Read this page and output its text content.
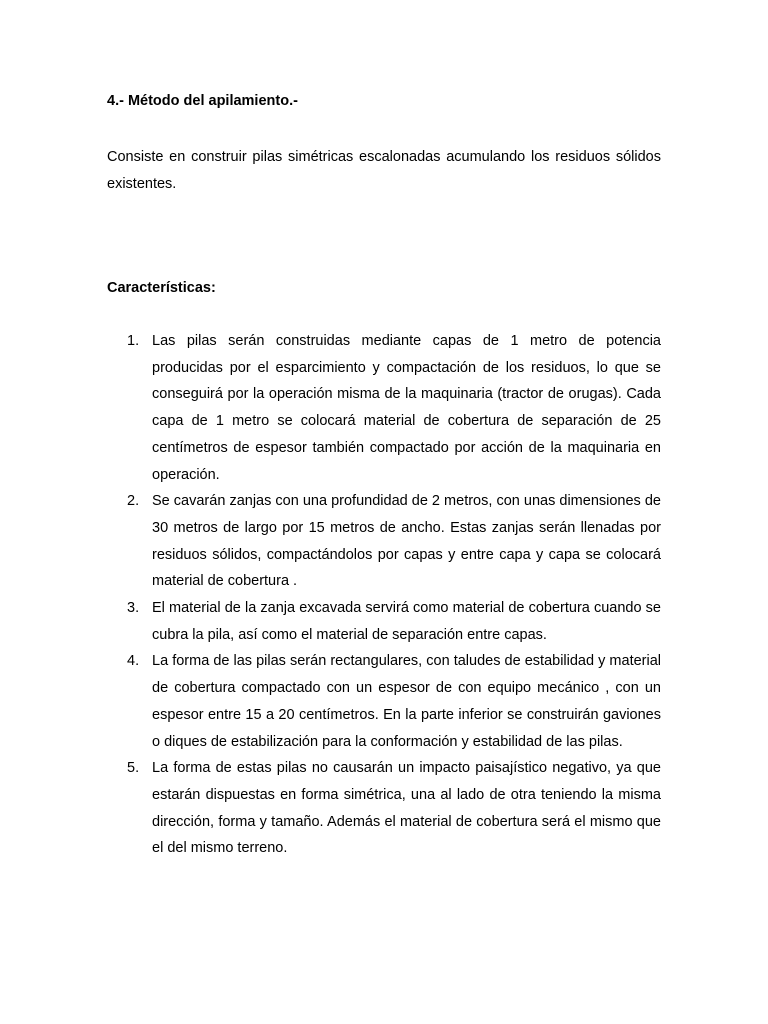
4.- Método del apilamiento.-

Consiste en construir pilas simétricas escalonadas acumulando los residuos sólidos existentes.

Características:
1. Las pilas serán construidas mediante capas de 1 metro de potencia producidas por el esparcimiento y compactación de los residuos, lo que se conseguirá por la operación misma de la maquinaria (tractor de orugas). Cada capa de 1 metro se colocará material de cobertura de separación de 25 centímetros de espesor también compactado por acción de la maquinaria en operación.
2. Se cavarán zanjas con una profundidad de 2 metros, con unas dimensiones de 30 metros de largo por 15 metros de ancho. Estas zanjas serán llenadas por residuos sólidos, compactándolos por capas y entre capa y capa se colocará material de cobertura .
3. El material de la zanja excavada servirá como material de cobertura cuando se cubra la pila, así como el material de separación entre capas.
4. La forma de las pilas serán rectangulares, con taludes de estabilidad y material de cobertura compactado con un espesor de con equipo mecánico , con un espesor entre 15 a 20 centímetros. En la parte inferior se construirán gaviones o diques de estabilización para la conformación y estabilidad de las pilas.
5. La forma de estas pilas no causarán un impacto paisajístico negativo, ya que estarán dispuestas en forma simétrica, una al lado de otra teniendo la misma dirección, forma y tamaño. Además el material de cobertura será el mismo que el del mismo terreno.
